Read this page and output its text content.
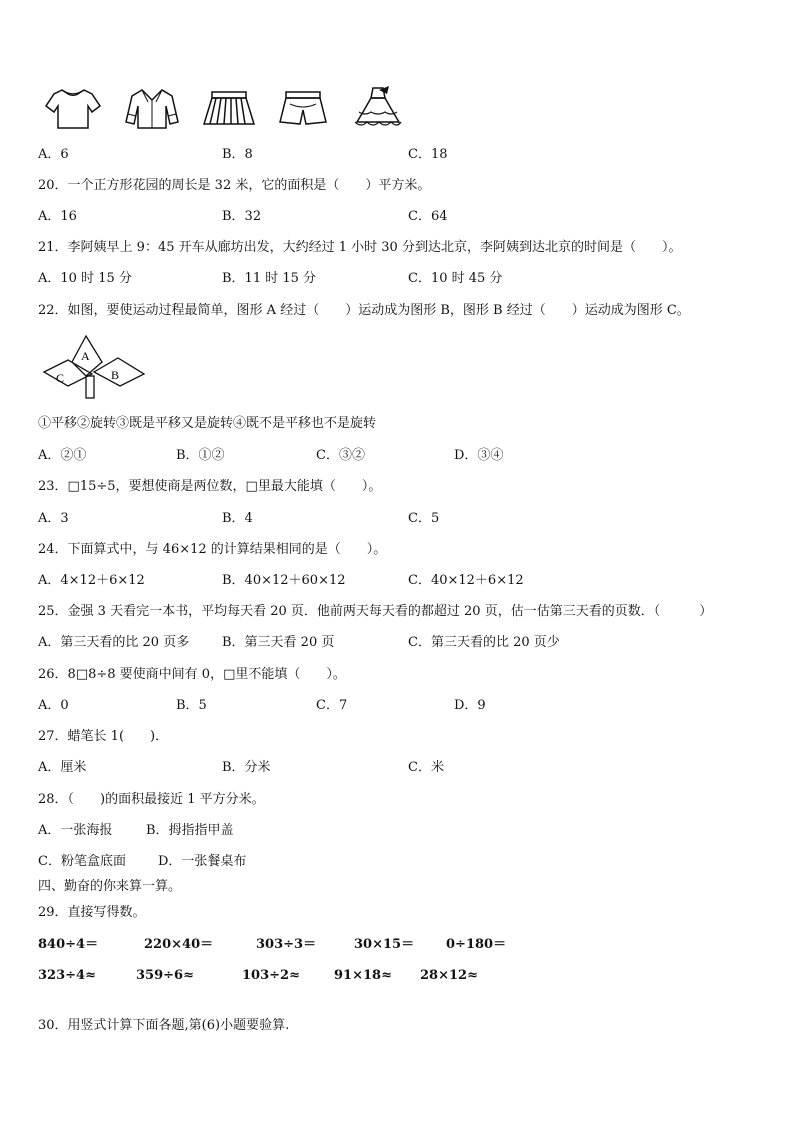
A．6	B．8	C．18
20．一个正方形花园的周长是 32 米，它的面积是（　　）平方米。
A．16	B．32	C．64
21．李阿姨早上 9：45 开车从廊坊出发，大约经过 1 小时 30 分到达北京，李阿姨到达北京的时间是（　　）。
A．10 时 15 分	B．11 时 15 分	C．10 时 45 分
22．如图，要使运动过程最简单，图形 A 经过（　　）运动成为图形 B，图形 B 经过（　　）运动成为图形 C。
A
B
C
①平移②旋转③既是平移又是旋转④既不是平移也不是旋转
A．②①	B．①②	C．③②	D．③④
23．□15÷5，要想使商是两位数，□里最大能填（　　）。
A．3	B．4	C．5
24．下面算式中，与 46×12 的计算结果相同的是（　　）。
A．4×12＋6×12	B．40×12＋60×12	C．40×12＋6×12
25．金强 3 天看完一本书，平均每天看 20 页．他前两天每天看的都超过 20 页，估一估第三天看的页数．（　　　）
A．第三天看的比 20 页多	B．第三天看 20 页	C．第三天看的比 20 页少
26．8□8÷8 要使商中间有 0，□里不能填（　　）。
A．0	B．5	C．7	D．9
27．蜡笔长 1(　　)．
A．厘米	B．分米	C．米
28．（　　)的面积最接近 1 平方分米。
A．一张海报	B．拇指指甲盖
C．粉笔盒底面 D．一张餐桌布
四、勤奋的你来算一算。
29．直接写得数。
840÷4＝	220×40＝	303÷3＝	30×15＝ 0÷180＝
323÷4≈	359÷6≈	103÷2≈	91×18≈ 28×12≈
30．用竖式计算下面各题,第(6)小题要验算.
